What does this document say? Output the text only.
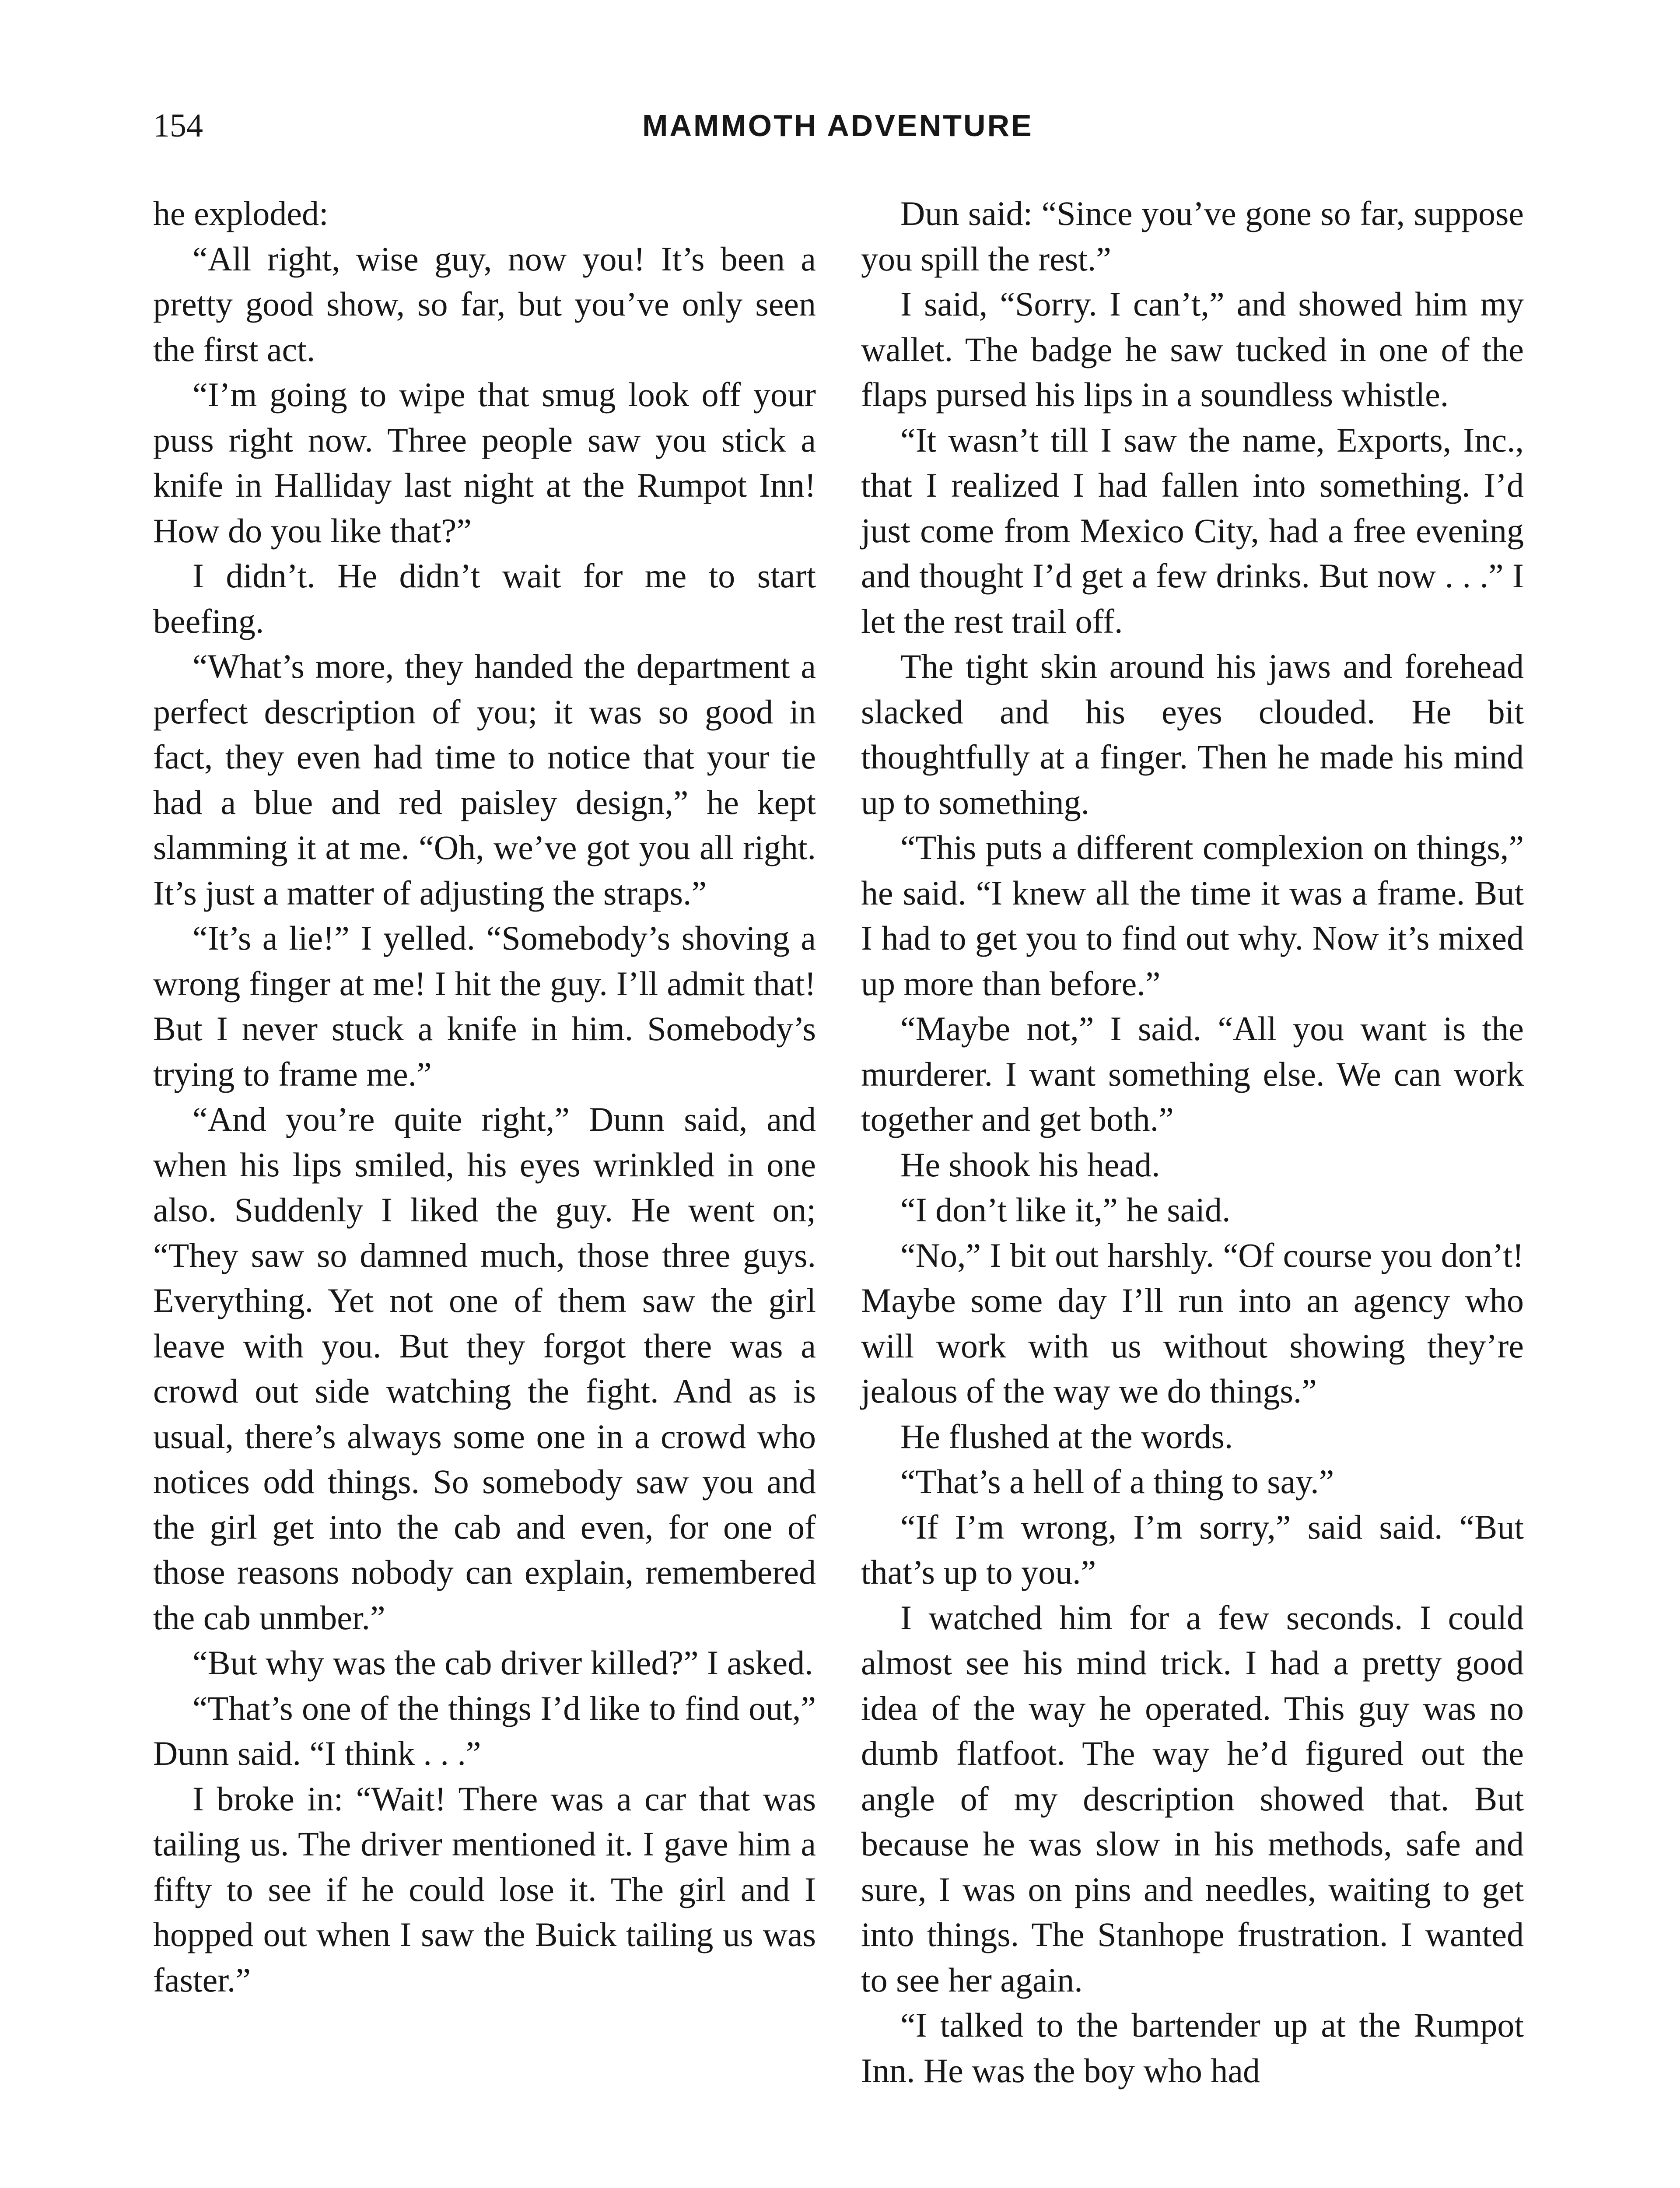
154	MAMMOTH ADVENTURE

he exploded:

“All right, wise guy, now you! It’s been a pretty good show, so far, but you’ve only seen the first act.

“I’m going to wipe that smug look off your puss right now. Three people saw you stick a knife in Halliday last night at the Rumpot Inn! How do you like that?”

I didn’t. He didn’t wait for me to start beefing.

“What’s more, they handed the department a perfect description of you; it was so good in fact, they even had time to notice that your tie had a blue and red paisley design,” he kept slamming it at me. “Oh, we’ve got you all right. It’s just a matter of adjusting the straps.”

“It’s a lie!” I yelled. “Somebody’s shoving a wrong finger at me! I hit the guy. I’ll admit that! But I never stuck a knife in him. Somebody’s trying to frame me.”

“And you’re quite right,” Dunn said, and when his lips smiled, his eyes wrinkled in one also. Suddenly I liked the guy. He went on; “They saw so damned much, those three guys. Everything. Yet not one of them saw the girl leave with you. But they forgot there was a crowd out side watching the fight. And as is usual, there’s always some one in a crowd who notices odd things. So somebody saw you and the girl get into the cab and even, for one of those reasons nobody can explain, remembered the cab unmber.”

“But why was the cab driver killed?” I asked.

“That’s one of the things I’d like to find out,” Dunn said. “I think . . .”

I broke in: “Wait! There was a car that was tailing us. The driver mentioned it. I gave him a fifty to see if he could lose it. The girl and I hopped out when I saw the Buick tailing us was faster.”

Dun said: “Since you’ve gone so far, suppose you spill the rest.”

I said, “Sorry. I can’t,” and showed him my wallet. The badge he saw tucked in one of the flaps pursed his lips in a soundless whistle.

“It wasn’t till I saw the name, Exports, Inc., that I realized I had fallen into something. I’d just come from Mexico City, had a free evening and thought I’d get a few drinks. But now . . .” I let the rest trail off.

The tight skin around his jaws and forehead slacked and his eyes clouded. He bit thoughtfully at a finger. Then he made his mind up to something.

“This puts a different complexion on things,” he said. “I knew all the time it was a frame. But I had to get you to find out why. Now it’s mixed up more than before.”

“Maybe not,” I said. “All you want is the murderer. I want something else. We can work together and get both.”

He shook his head.

“I don’t like it,” he said.

“No,” I bit out harshly. “Of course you don’t! Maybe some day I’ll run into an agency who will work with us without showing they’re jealous of the way we do things.”

He flushed at the words.

“That’s a hell of a thing to say.”

“If I’m wrong, I’m sorry,” said said. “But that’s up to you.”

I watched him for a few seconds. I could almost see his mind trick. I had a pretty good idea of the way he operated. This guy was no dumb flatfoot. The way he’d figured out the angle of my description showed that. But because he was slow in his methods, safe and sure, I was on pins and needles, waiting to get into things. The Stanhope frustration. I wanted to see her again.

“I talked to the bartender up at the Rumpot Inn. He was the boy who had
